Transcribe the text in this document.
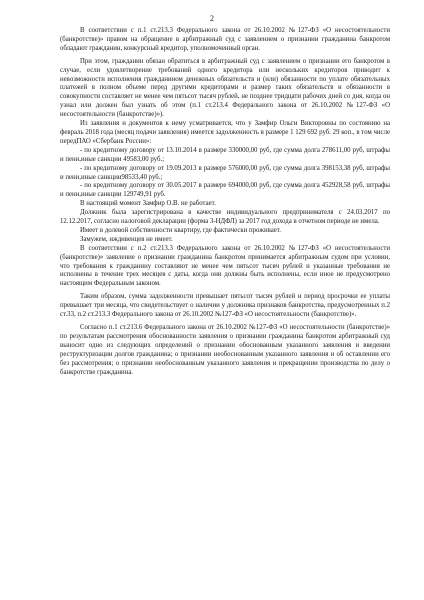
2

В соответствии с п.1 ст.213.3 Федерального закона от 26.10.2002 №127-ФЗ «О несостоятельности (банкротстве)» правом на обращение в арбитражный суд с заявлением о признании гражданина банкротом обладают гражданин, конкурсный кредитор, уполномоченный орган.

При этом, гражданин обязан обратиться в арбитражный суд с заявлением о признании его банкротом в случае, если удовлетворение требований одного кредитора или нескольких кредиторов приводит к невозможности исполнения гражданином денежных обязательств и (или) обязанности по уплате обязательных платежей в полном объеме перед другими кредиторами и размер таких обязательств и обязанности в совокупности составляет не менее чем пятьсот тысяч рублей, не позднее тридцати рабочих дней со дня, когда он узнал или должен был узнать об этом (п.1 ст.213.4 Федерального закона от 26.10.2002 №127-ФЗ «О несостоятельности (банкротстве)»).

Из заявления и документов к нему усматривается, что у Замфир Ольги Викторовны по состоянию на февраль 2018 года (месяц подачи заявления) имеется задолженность в размере 1 129 692 руб. 29 коп., в том числе передПАО «Сбербанк России»:

- по кредитному договору от 13.10.2014 в размере 330000,00 руб, где сумма долга 278611,00 руб, штрафы и пени,иные санкции 49583,00 руб.;

- по кредитному договору от 19.09.2013 в размере 576000,00 руб, где сумма долга 398153,38 руб, штрафы и пени,иные санкции98533,40 руб.;

- по кредитному договору от 30.05.2017 в размере 694000,00 руб, где сумма долга 452928,58 руб, штрафы и пени,иные санкции 129749,91 руб.

В настоящий момент Замфир О.В. не работает.

Должник была зарегистрирована в качестве индивидуального предпринимателя с 24.03.2017 по 12.12.2017, согласно налоговой декларации (форма 3-НДФЛ) за 2017 год дохода в отчетном периоде не имела.

Имеет в долевой собственности квартиру, где фактически проживает.

Замужем, иждивенцев не имеет.

В соответствии с п.2 ст.213.3 Федерального закона от 26.10.2002 №127-ФЗ «О несостоятельности (банкротстве)» заявление о признании гражданина банкротом принимается арбитражным судом при условии, что требования к гражданину составляют не менее чем пятьсот тысяч рублей и указанные требования не исполнены в течение трех месяцев с даты, когда они должны быть исполнены, если иное не предусмотрено настоящим Федеральным законом.

Таким образом, сумма задолженности превышает пятьсот тысяч рублей и период просрочки ее уплаты превышает три месяца, что свидетельствует о наличии у должника признаков банкротства, предусмотренных п.2 ст.33, п.2 ст.213.3 Федерального закона от 26.10.2002 №127-ФЗ «О несостоятельности (банкротстве)».

Согласно п.1 ст.213.6 Федерального закона от 26.10.2002 №127-ФЗ «О несостоятельности (банкротстве)» по результатам рассмотрения обоснованности заявления о признании гражданина банкротом арбитражный суд выносит одно из следующих определений о признании обоснованным указанного заявления и введении реструктуризации долгов гражданина; о признании необоснованным указанного заявления и об оставлении его без рассмотрения; о признании необоснованным указанного заявления и прекращении производства по делу о банкротстве гражданина.
